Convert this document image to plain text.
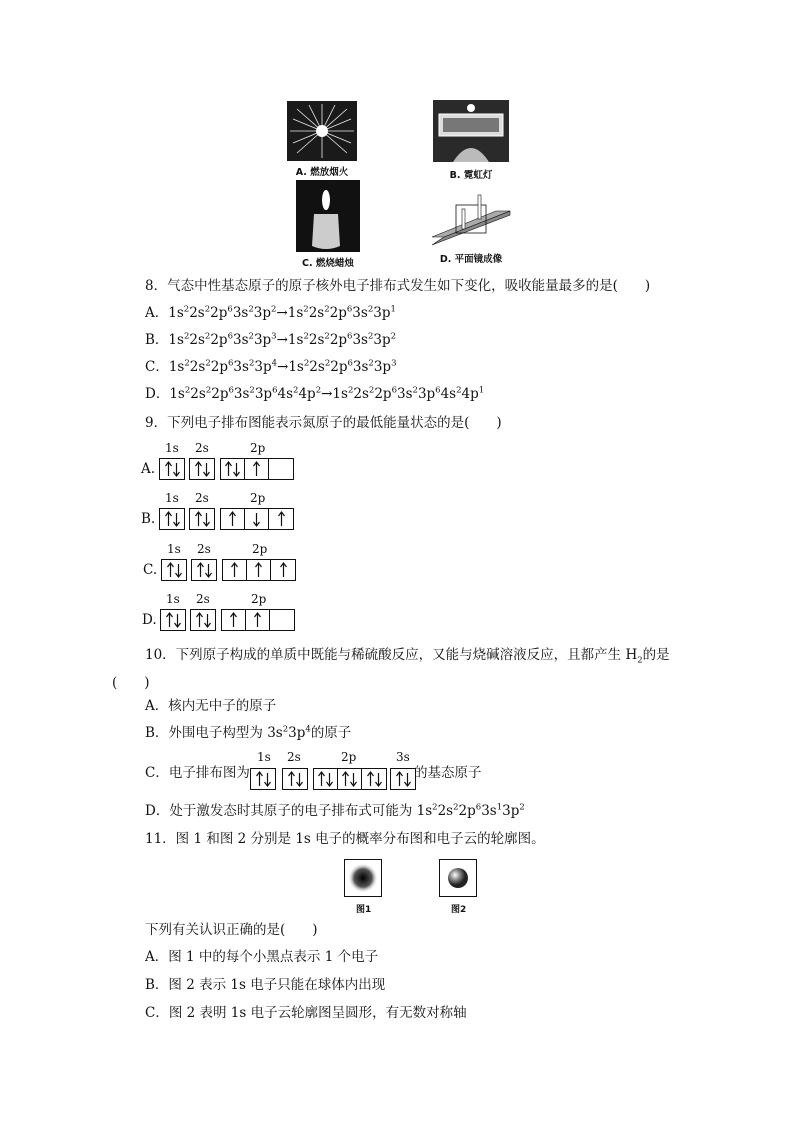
A. 燃放烟火	B. 霓虹灯
C. 燃烧蜡烛	D. 平面镜成像
8．气态中性基态原子的原子核外电子排布式发生如下变化，吸收能量最多的是(　　)
A．$1s^22s^22p^63s^23p^2\to 1s^22s^22p^63s^23p^1$
B．$1s^22s^22p^63s^23p^3\to 1s^22s^22p^63s^23p^2$
C．$1s^22s^22p^63s^23p^4\to 1s^22s^22p^63s^23p^3$
D．$1s^22s^22p^63s^23p^64s^24p^2\to 1s^22s^22p^63s^23p^64s^24p^1$
9．下列电子排布图能表示氮原子的最低能量状态的是(　　)
1s 2s	2p
A.
1s 2s	2p
B.
1s 2s	2p
C.
1s 2s	2p
D.
10．下列原子构成的单质中既能与稀硫酸反应，又能与烧碱溶液反应，且都产生 $H_2$的是
(　　)
A．核内无中子的原子
B．外围电子构型为 $3s^23p^4$的原子
C．电子排布图为
1s 2s	2p	3s
的基态原子
D．处于激发态时其原子的电子排布式可能为 $1s^22s^22p^63s^13p^2$
11．图 1 和图 2 分别是 1s 电子的概率分布图和电子云的轮廓图。
图1	图2
下列有关认识正确的是(　　)
A．图 1 中的每个小黑点表示 1 个电子
B．图 2 表示 1s 电子只能在球体内出现
C．图 2 表明 1s 电子云轮廓图呈圆形，有无数对称轴
